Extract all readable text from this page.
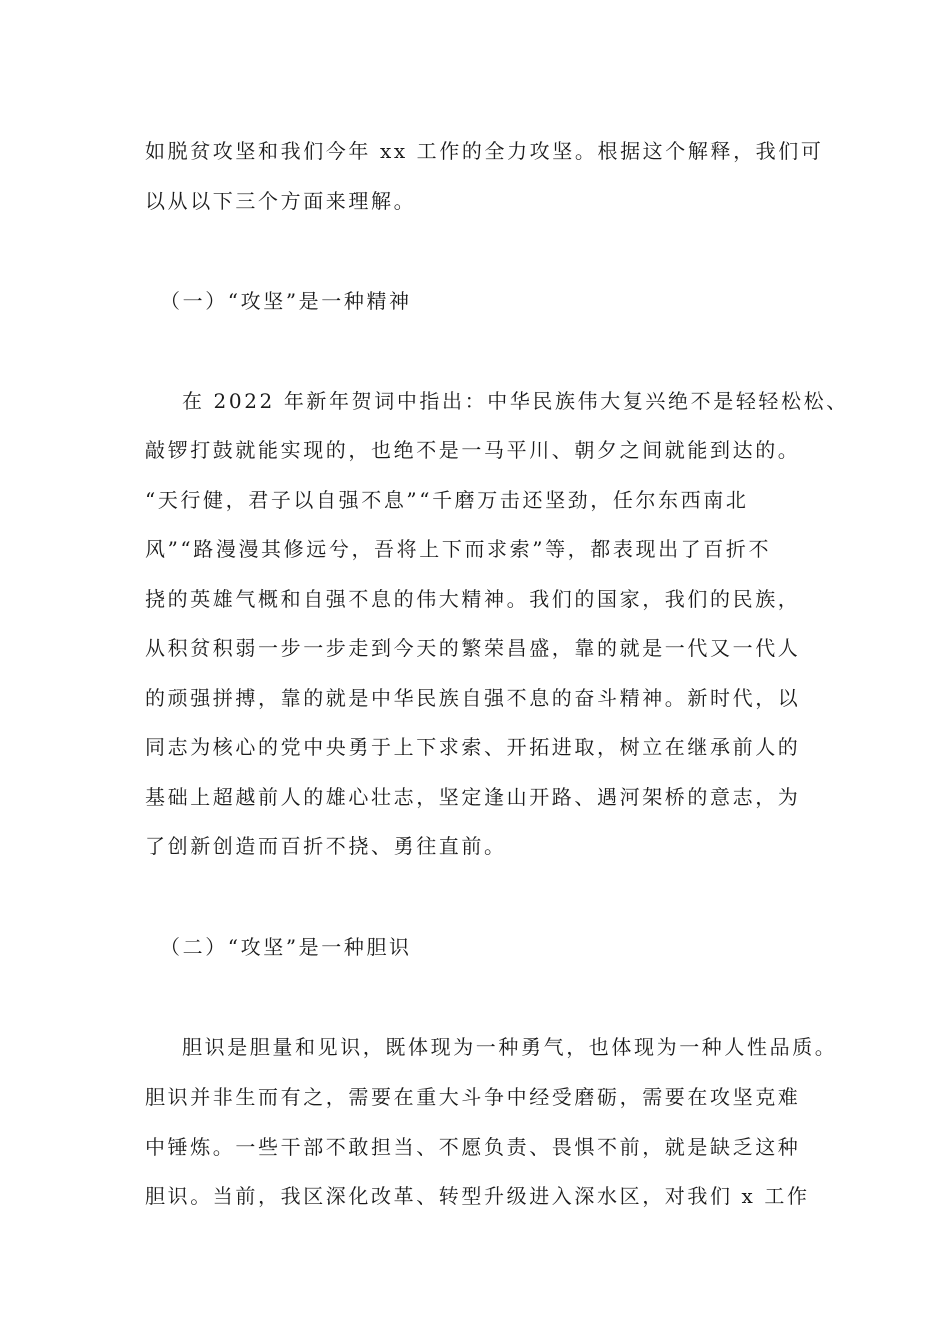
如脱贫攻坚和我们今年 xx 工作的全力攻坚。根据这个解释，我们可
以从以下三个方面来理解。
（一）“攻坚”是一种精神
在 2022 年新年贺词中指出：中华民族伟大复兴绝不是轻轻松松、
敲锣打鼓就能实现的，也绝不是一马平川、朝夕之间就能到达的。
“天行健，君子以自强不息”“千磨万击还坚劲，任尔东西南北
风”“路漫漫其修远兮，吾将上下而求索”等，都表现出了百折不
挠的英雄气概和自强不息的伟大精神。我们的国家，我们的民族，
从积贫积弱一步一步走到今天的繁荣昌盛，靠的就是一代又一代人
的顽强拼搏，靠的就是中华民族自强不息的奋斗精神。新时代，以
同志为核心的党中央勇于上下求索、开拓进取，树立在继承前人的
基础上超越前人的雄心壮志，坚定逢山开路、遇河架桥的意志，为
了创新创造而百折不挠、勇往直前。
（二）“攻坚”是一种胆识
胆识是胆量和见识，既体现为一种勇气，也体现为一种人性品质。
胆识并非生而有之，需要在重大斗争中经受磨砺，需要在攻坚克难
中锤炼。一些干部不敢担当、不愿负责、畏惧不前，就是缺乏这种
胆识。当前，我区深化改革、转型升级进入深水区，对我们 x 工作
